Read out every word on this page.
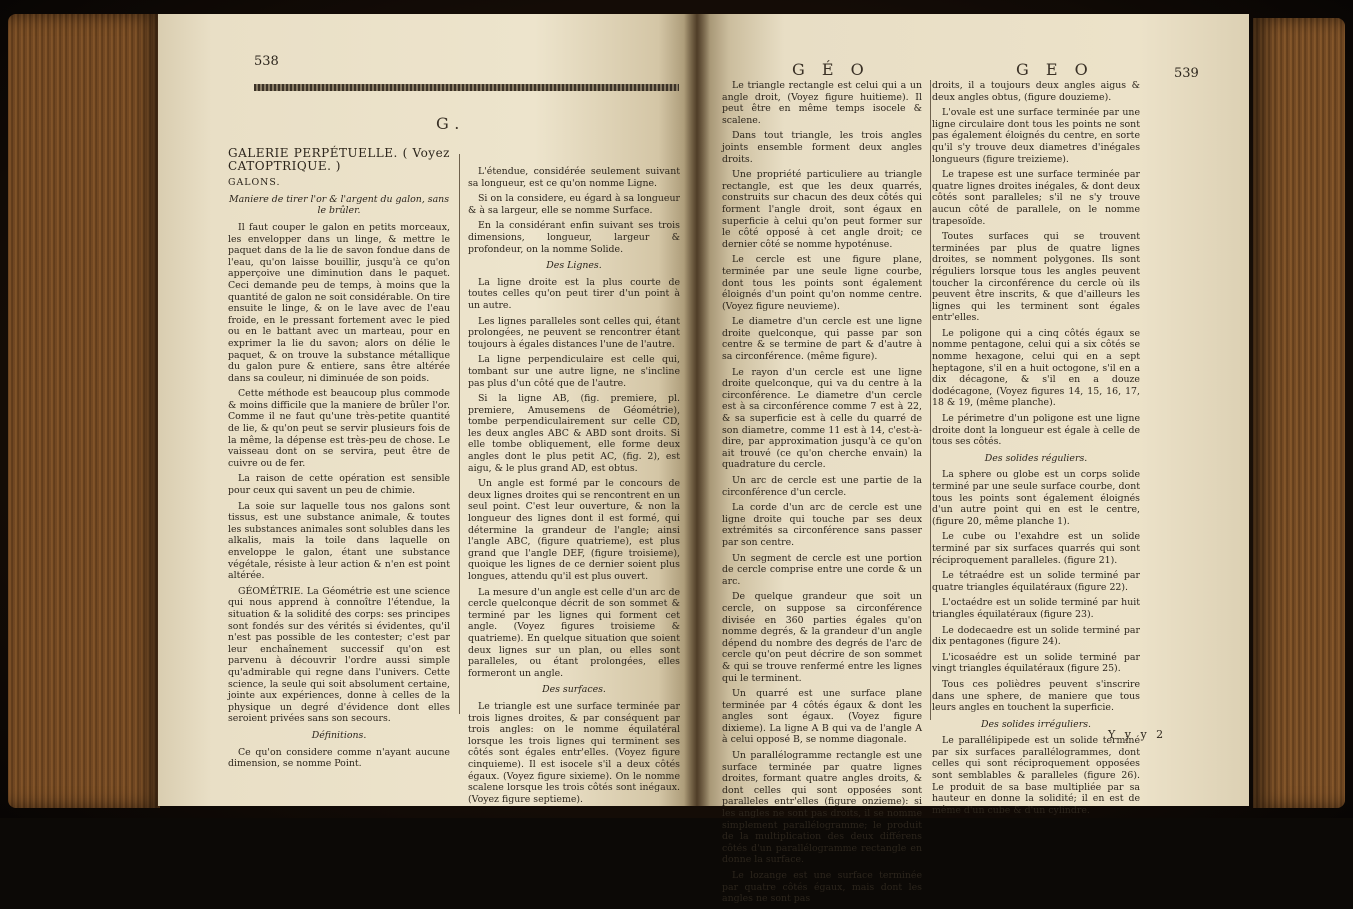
538
G.

GALERIE PERPÉTUELLE. ( Voyez CATOPTRIQUE. )

GALONS.

Maniere de tirer l'or & l'argent du galon, sans le brûler.

Il faut couper le galon en petits morceaux, les envelopper dans un linge, & mettre le paquet dans de la lie de savon fondue dans de l'eau, qu'on laisse bouillir, jusqu'à ce qu'on apperçoive une diminution dans le paquet. Ceci demande peu de temps, à moins que la quantité de galon ne soit considérable. On tire ensuite le linge, & on le lave avec de l'eau froide, en le pressant fortement avec le pied ou en le battant avec un marteau, pour en exprimer la lie du savon; alors on délie le paquet, & on trouve la substance métallique du galon pure & entiere, sans être altérée dans sa couleur, ni diminuée de son poids.

Cette méthode est beaucoup plus commode & moins difficile que la maniere de brûler l'or. Comme il ne faut qu'une très-petite quantité de lie, & qu'on peut se servir plusieurs fois de la même, la dépense est très-peu de chose. Le vaisseau dont on se servira, peut être de cuivre ou de fer.

La raison de cette opération est sensible pour ceux qui savent un peu de chimie.

La soie sur laquelle tous nos galons sont tissus, est une substance animale, & toutes les substances animales sont solubles dans les alkalis, mais la toile dans laquelle on enveloppe le galon, étant une substance végétale, résiste à leur action & n'en est point altérée.

GÉOMÉTRIE. La Géométrie est une science qui nous apprend à connoître l'étendue, la situation & la solidité des corps: ses principes sont fondés sur des vérités si évidentes, qu'il n'est pas possible de les contester; c'est par leur enchaînement successif qu'on est parvenu à découvrir l'ordre aussi simple qu'admirable qui regne dans l'univers. Cette science, la seule qui soit absolument certaine, jointe aux expériences, donne à celles de la physique un degré d'évidence dont elles seroient privées sans son secours.

Définitions.

Ce qu'on considere comme n'ayant aucune dimension, se nomme Point.

L'étendue, considérée seulement suivant sa longueur, est ce qu'on nomme Ligne.

Si on la considere, eu égard à sa longueur & à sa largeur, elle se nomme Surface.

En la considérant enfin suivant ses trois dimensions, longueur, largeur & profondeur, on la nomme Solide.

Des Lignes.

La ligne droite est la plus courte de toutes celles qu'on peut tirer d'un point à un autre.

Les lignes paralleles sont celles qui, étant prolongées, ne peuvent se rencontrer étant toujours à égales distances l'une de l'autre.

La ligne perpendiculaire est celle qui, tombant sur une autre ligne, ne s'incline pas plus d'un côté que de l'autre.

Si la ligne AB, (fig. premiere, pl. premiere, Amusemens de Géométrie), tombe perpendiculairement sur celle CD, les deux angles ABC & ABD sont droits. Si elle tombe obliquement, elle forme deux angles dont le plus petit AC, (fig. 2), est aigu, & le plus grand AD, est obtus.

Un angle est formé par le concours de deux lignes droites qui se rencontrent en un seul point. C'est leur ouverture, & non la longueur des lignes dont il est formé, qui détermine la grandeur de l'angle; ainsi l'angle ABC, (figure quatrieme), est plus grand que l'angle DEF, (figure troisieme), quoique les lignes de ce dernier soient plus longues, attendu qu'il est plus ouvert.

La mesure d'un angle est celle d'un arc de cercle quelconque décrit de son sommet & terminé par les lignes qui forment cet angle. (Voyez figures troisieme & quatrieme). En quelque situation que soient deux lignes sur un plan, ou elles sont paralleles, ou étant prolongées, elles formeront un angle.

Des surfaces.

Le triangle est une surface terminée par trois lignes droites, & par conséquent par trois angles: on le nomme équilatéral lorsque les trois lignes qui terminent ses côtés sont égales entr'elles. (Voyez figure cinquieme). Il est isocele s'il a deux côtés égaux. (Voyez figure sixieme). On le nomme scalene lorsque les trois côtés sont inégaux. (Voyez figure septieme).

G É O	G E O	539

Le triangle rectangle est celui qui a un angle droit, (Voyez figure huitieme). Il peut être en même temps isocele & scalene.

Dans tout triangle, les trois angles joints ensemble forment deux angles droits.

Une propriété particuliere au triangle rectangle, est que les deux quarrés, construits sur chacun des deux côtés qui forment l'angle droit, sont égaux en superficie à celui qu'on peut former sur le côté opposé à cet angle droit; ce dernier côté se nomme hypoténuse.

Le cercle est une figure plane, terminée par une seule ligne courbe, dont tous les points sont également éloignés d'un point qu'on nomme centre. (Voyez figure neuvieme).

Le diametre d'un cercle est une ligne droite quelconque, qui passe par son centre & se termine de part & d'autre à sa circonférence. (même figure).

Le rayon d'un cercle est une ligne droite quelconque, qui va du centre à la circonférence. Le diametre d'un cercle est à sa circonférence comme 7 est à 22, & sa superficie est à celle du quarré de son diametre, comme 11 est à 14, c'est-à-dire, par approximation jusqu'à ce qu'on ait trouvé (ce qu'on cherche envain) la quadrature du cercle.

Un arc de cercle est une partie de la circonférence d'un cercle.

La corde d'un arc de cercle est une ligne droite qui touche par ses deux extrémités sa circonférence sans passer par son centre.

Un segment de cercle est une portion de cercle comprise entre une corde & un arc.

De quelque grandeur que soit un cercle, on suppose sa circonférence divisée en 360 parties égales qu'on nomme degrés, & la grandeur d'un angle dépend du nombre des degrés de l'arc de cercle qu'on peut décrire de son sommet & qui se trouve renfermé entre les lignes qui le terminent.

Un quarré est une surface plane terminée par 4 côtés égaux & dont les angles sont égaux. (Voyez figure dixieme). La ligne A B qui va de l'angle A à celui opposé B, se nomme diagonale.

Un parallélogramme rectangle est une surface terminée par quatre lignes droites, formant quatre angles droits, & dont celles qui sont opposées sont paralleles entr'elles (figure onzieme): si les angles ne sont pas droits, il se nomme simplement parallélogramme; le produit de la multiplication des deux différens côtés d'un parallélogramme rectangle en donne la surface.

Le lozange est une surface terminée par quatre côtés égaux, mais dont les angles ne sont pas

droits, il a toujours deux angles aigus & deux angles obtus, (figure douzieme).

L'ovale est une surface terminée par une ligne circulaire dont tous les points ne sont pas également éloignés du centre, en sorte qu'il s'y trouve deux diametres d'inégales longueurs (figure treizieme).

Le trapese est une surface terminée par quatre lignes droites inégales, & dont deux côtés sont paralleles; s'il ne s'y trouve aucun côté de parallele, on le nomme trapesoïde.

Toutes surfaces qui se trouvent terminées par plus de quatre lignes droites, se nomment polygones. Ils sont réguliers lorsque tous les angles peuvent toucher la circonférence du cercle où ils peuvent être inscrits, & que d'ailleurs les lignes qui les terminent sont égales entr'elles.

Le poligone qui a cinq côtés égaux se nomme pentagone, celui qui a six côtés se nomme hexagone, celui qui en a sept heptagone, s'il en a huit octogone, s'il en a dix décagone, & s'il en a douze dodécagone, (Voyez figures 14, 15, 16, 17, 18 & 19, (même planche).

Le périmetre d'un poligone est une ligne droite dont la longueur est égale à celle de tous ses côtés.

Des solides réguliers.

La sphere ou globe est un corps solide terminé par une seule surface courbe, dont tous les points sont également éloignés d'un autre point qui en est le centre, (figure 20, même planche 1).

Le cube ou l'exahdre est un solide terminé par six surfaces quarrés qui sont réciproquement paralleles. (figure 21).

Le tétraédre est un solide terminé par quatre triangles équilatéraux (figure 22).

L'octaédre est un solide terminé par huit triangles équilatéraux (figure 23).

Le dodecaedre est un solide terminé par dix pentagones (figure 24).

L'icosaédre est un solide terminé par vingt triangles équilatéraux (figure 25).

Tous ces polièdres peuvent s'inscrire dans une sphere, de maniere que tous leurs angles en touchent la superficie.

Des solides irréguliers.

Le parallélipipede est un solide terminé par six surfaces parallélogrammes, dont celles qui sont réciproquement opposées sont semblables & paralleles (figure 26). Le produit de sa base multipliée par sa hauteur en donne la solidité; il en est de même d'un cube & d'un cylindre.

Y y y 2
